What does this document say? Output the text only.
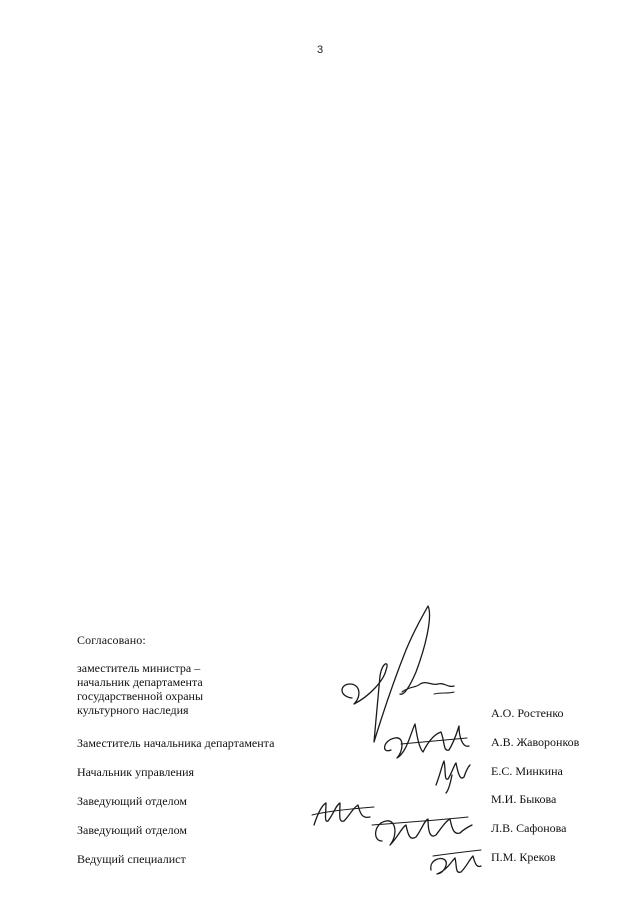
3
Согласовано:
заместитель министра –
начальник департамента
государственной охраны
культурного наследия	А.О. Ростенко
Заместитель начальника департамента	А.В. Жаворонков
Начальник управления	Е.С. Минкина
Заведующий отделом	М.И. Быкова
Заведующий отделом	Л.В. Сафонова
Ведущий специалист	П.М. Креков
